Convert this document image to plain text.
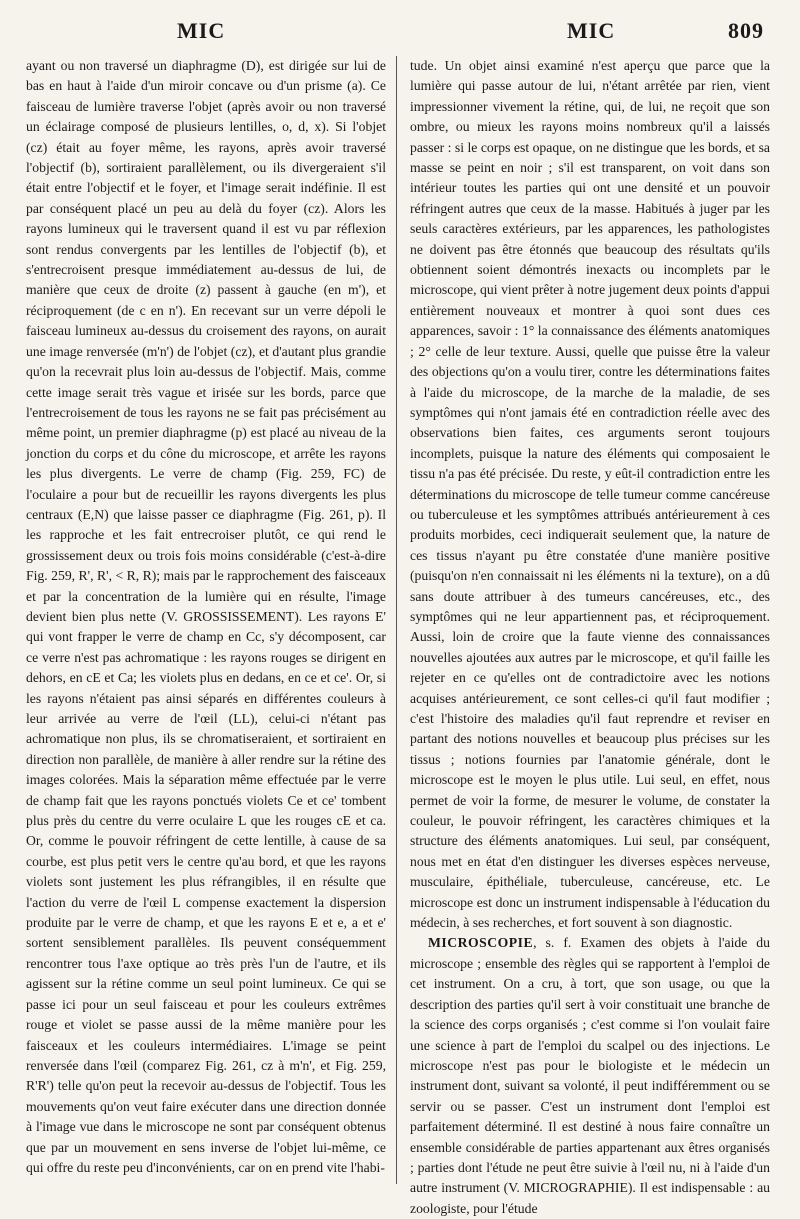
MIC	MIC	809

ayant ou non traversé un diaphragme (D), est dirigée sur lui de bas en haut à l'aide d'un miroir concave ou d'un prisme (a). Ce faisceau de lumière traverse l'objet (après avoir ou non traversé un éclairage composé de plusieurs lentilles, o, d, x). Si l'objet (cz) était au foyer même, les rayons, après avoir traversé l'objectif (b), sortiraient parallèlement, ou ils divergeraient s'il était entre l'objectif et le foyer, et l'image serait indéfinie. Il est par conséquent placé un peu au delà du foyer (cz). Alors les rayons lumineux qui le traversent quand il est vu par réflexion sont rendus convergents par les lentilles de l'objectif (b), et s'entrecroisent presque immédiatement au-dessus de lui, de manière que ceux de droite (z) passent à gauche (en m'), et réciproquement (de c en n'). En recevant sur un verre dépoli le faisceau lumineux au-dessus du croisement des rayons, on aurait une image renversée (m'n') de l'objet (cz), et d'autant plus grandie qu'on la recevrait plus loin au-dessus de l'objectif. Mais, comme cette image serait très vague et irisée sur les bords, parce que l'entrecroisement de tous les rayons ne se fait pas précisément au même point, un premier diaphragme (p) est placé au niveau de la jonction du corps et du cône du microscope, et arrête les rayons les plus divergents. Le verre de champ (Fig. 259, FC) de l'oculaire a pour but de recueillir les rayons divergents les plus centraux (E,N) que laisse passer ce diaphragme (Fig. 261, p). Il les rapproche et les fait entrecroiser plutôt, ce qui rend le grossissement deux ou trois fois moins considérable (c'est-à-dire Fig. 259, R', R', < R, R); mais par le rapprochement des faisceaux et par la concentration de la lumière qui en résulte, l'image devient bien plus nette (V. GROSSISSEMENT). Les rayons E' qui vont frapper le verre de champ en Cc, s'y décomposent, car ce verre n'est pas achromatique : les rayons rouges se dirigent en dehors, en cE et Ca; les violets plus en dedans, en ce et ce'. Or, si les rayons n'étaient pas ainsi séparés en différentes couleurs à leur arrivée au verre de l'œil (LL), celui-ci n'étant pas achromatique non plus, ils se chromatiseraient, et sortiraient en direction non parallèle, de manière à aller rendre sur la rétine des images colorées. Mais la séparation même effectuée par le verre de champ fait que les rayons ponctués violets Ce et ce' tombent plus près du centre du verre oculaire L que les rouges cE et ca. Or, comme le pouvoir réfringent de cette lentille, à cause de sa courbe, est plus petit vers le centre qu'au bord, et que les rayons violets sont justement les plus réfrangibles, il en résulte que l'action du verre de l'œil L compense exactement la dispersion produite par le verre de champ, et que les rayons E et e, a et e' sortent sensiblement parallèles. Ils peuvent conséquemment rencontrer tous l'axe optique ao très près l'un de l'autre, et ils agissent sur la rétine comme un seul point lumineux. Ce qui se passe ici pour un seul faisceau et pour les couleurs extrêmes rouge et violet se passe aussi de la même manière pour les faisceaux et les couleurs intermédiaires. L'image se peint renversée dans l'œil (comparez Fig. 261, cz à m'n', et Fig. 259, R'R') telle qu'on peut la recevoir au-dessus de l'objectif. Tous les mouvements qu'on veut faire exécuter dans une direction donnée à l'image vue dans le microscope ne sont par conséquent obtenus que par un mouvement en sens inverse de l'objet lui-même, ce qui offre du reste peu d'inconvénients, car on en prend vite l'habi-

tude. Un objet ainsi examiné n'est aperçu que parce que la lumière qui passe autour de lui, n'étant arrêtée par rien, vient impressionner vivement la rétine, qui, de lui, ne reçoit que son ombre, ou mieux les rayons moins nombreux qu'il a laissés passer : si le corps est opaque, on ne distingue que les bords, et sa masse se peint en noir ; s'il est transparent, on voit dans son intérieur toutes les parties qui ont une densité et un pouvoir réfringent autres que ceux de la masse. Habitués à juger par les seuls caractères extérieurs, par les apparences, les pathologistes ne doivent pas être étonnés que beaucoup des résultats qu'ils obtiennent soient démontrés inexacts ou incomplets par le microscope, qui vient prêter à notre jugement deux points d'appui entièrement nouveaux et montrer à quoi sont dues ces apparences, savoir : 1° la connaissance des éléments anatomiques ; 2° celle de leur texture. Aussi, quelle que puisse être la valeur des objections qu'on a voulu tirer, contre les déterminations faites à l'aide du microscope, de la marche de la maladie, de ses symptômes qui n'ont jamais été en contradiction réelle avec des observations bien faites, ces arguments seront toujours incomplets, puisque la nature des éléments qui composaient le tissu n'a pas été précisée. Du reste, y eût-il contradiction entre les déterminations du microscope de telle tumeur comme cancéreuse ou tuberculeuse et les symptômes attribués antérieurement à ces produits morbides, ceci indiquerait seulement que, la nature de ces tissus n'ayant pu être constatée d'une manière positive (puisqu'on n'en connaissait ni les éléments ni la texture), on a dû sans doute attribuer à des tumeurs cancéreuses, etc., des symptômes qui ne leur appartiennent pas, et réciproquement. Aussi, loin de croire que la faute vienne des connaissances nouvelles ajoutées aux autres par le microscope, et qu'il faille les rejeter en ce qu'elles ont de contradictoire avec les notions acquises antérieurement, ce sont celles-ci qu'il faut modifier ; c'est l'histoire des maladies qu'il faut reprendre et reviser en partant des notions nouvelles et beaucoup plus précises sur les tissus ; notions fournies par l'anatomie générale, dont le microscope est le moyen le plus utile. Lui seul, en effet, nous permet de voir la forme, de mesurer le volume, de constater la couleur, le pouvoir réfringent, les caractères chimiques et la structure des éléments anatomiques. Lui seul, par conséquent, nous met en état d'en distinguer les diverses espèces nerveuse, musculaire, épithéliale, tuberculeuse, cancéreuse, etc. Le microscope est donc un instrument indispensable à l'éducation du médecin, à ses recherches, et fort souvent à son diagnostic.

MICROSCOPIE, s. f. Examen des objets à l'aide du microscope ; ensemble des règles qui se rapportent à l'emploi de cet instrument. On a cru, à tort, que son usage, ou que la description des parties qu'il sert à voir constituait une branche de la science des corps organisés ; c'est comme si l'on voulait faire une science à part de l'emploi du scalpel ou des injections. Le microscope n'est pas pour le biologiste et le médecin un instrument dont, suivant sa volonté, il peut indifféremment ou se servir ou se passer. C'est un instrument dont l'emploi est parfaitement déterminé. Il est destiné à nous faire connaître un ensemble considérable de parties appartenant aux êtres organisés ; parties dont l'étude ne peut être suivie à l'œil nu, ni à l'aide d'un autre instrument (V. MICROGRAPHIE). Il est indispensable : au zoologiste, pour l'étude
